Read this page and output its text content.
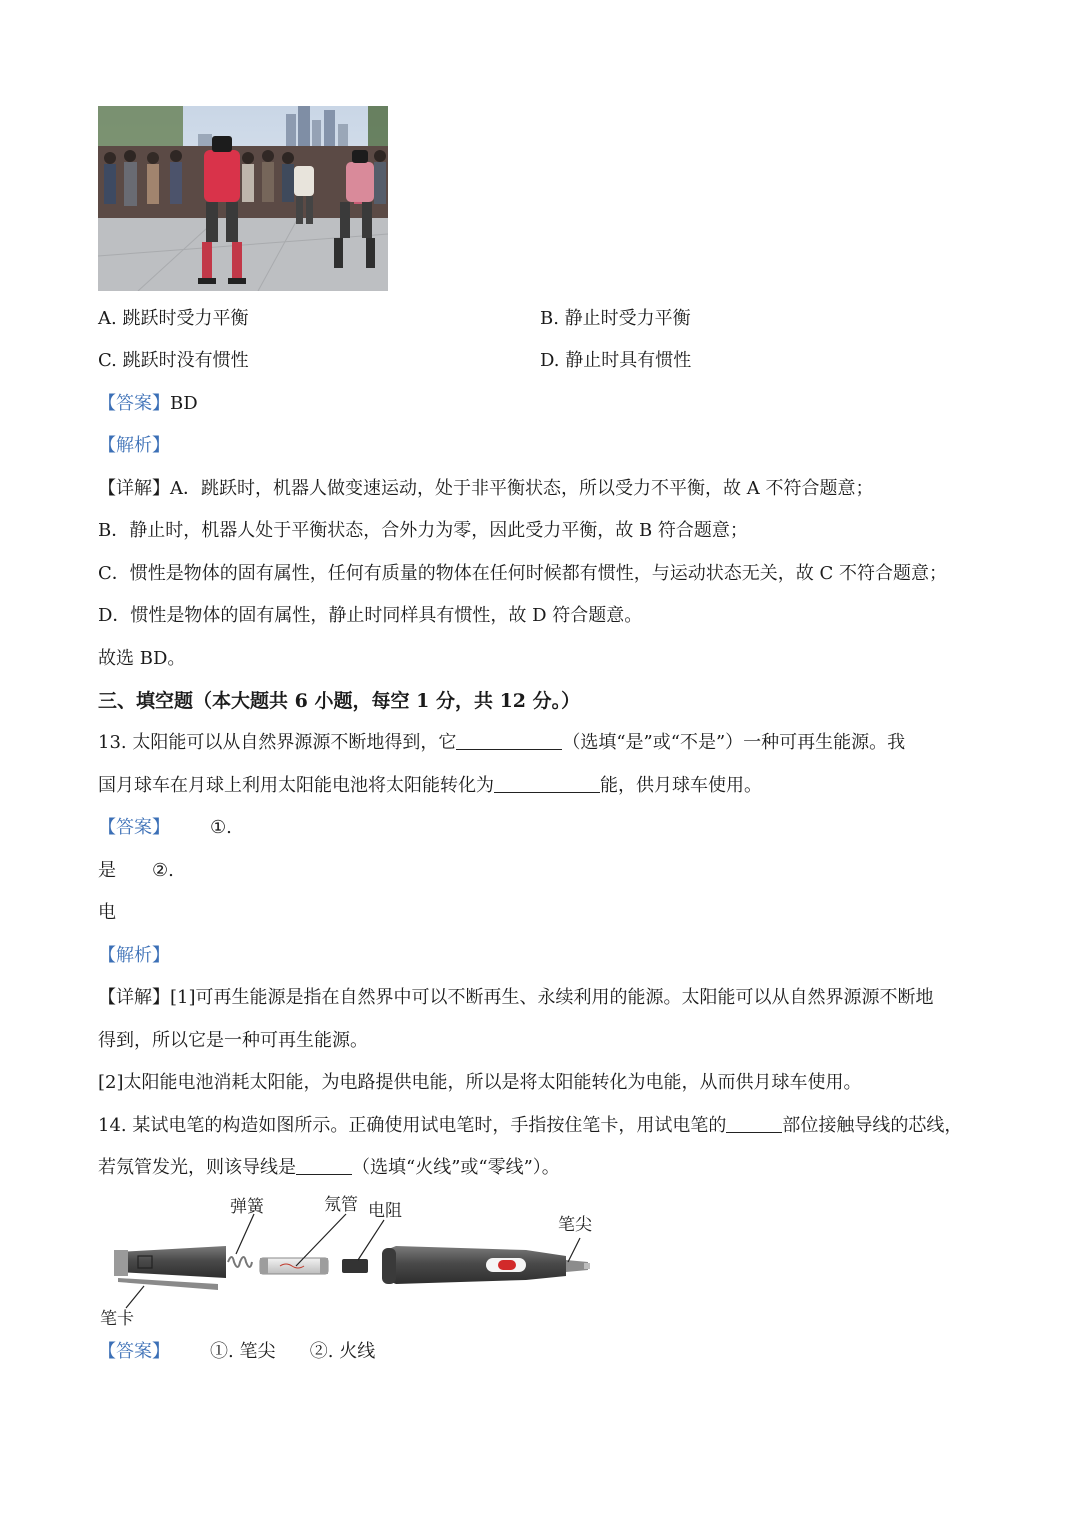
A. 跳跃时受力平衡	B. 静止时受力平衡
C. 跳跃时没有惯性	D. 静止时具有惯性
【答案】BD
【解析】
【详解】A．跳跃时，机器人做变速运动，处于非平衡状态，所以受力不平衡，故 A 不符合题意；
B．静止时，机器人处于平衡状态，合外力为零，因此受力平衡，故 B 符合题意；
C．惯性是物体的固有属性，任何有质量的物体在任何时候都有惯性，与运动状态无关，故 C 不符合题意；
D．惯性是物体的固有属性，静止时同样具有惯性，故 D 符合题意。
故选 BD。
三、填空题（本大题共 6 小题，每空 1 分，共 12 分。）
13. 太阳能可以从自然界源源不断地得到，它	（选填“是”或“不是”）一种可再生能源。我
国月球车在月球上利用太阳能电池将太阳能转化为	能，供月球车使用。
【答案】 ①.
是 ②.
电
【解析】
【详解】[1]可再生能源是指在自然界中可以不断再生、永续利用的能源。太阳能可以从自然界源源不断地
得到，所以它是一种可再生能源。
[2]太阳能电池消耗太阳能，为电路提供电能，所以是将太阳能转化为电能，从而供月球车使用。
14. 某试电笔的构造如图所示。正确使用试电笔时，手指按住笔卡，用试电笔的	部位接触导线的芯线，
若氖管发光，则该导线是	（选填“火线”或“零线”）。
弹簧	氖管 电阻
笔尖
笔卡
【答案】 ①. 笔尖      ②. 火线
